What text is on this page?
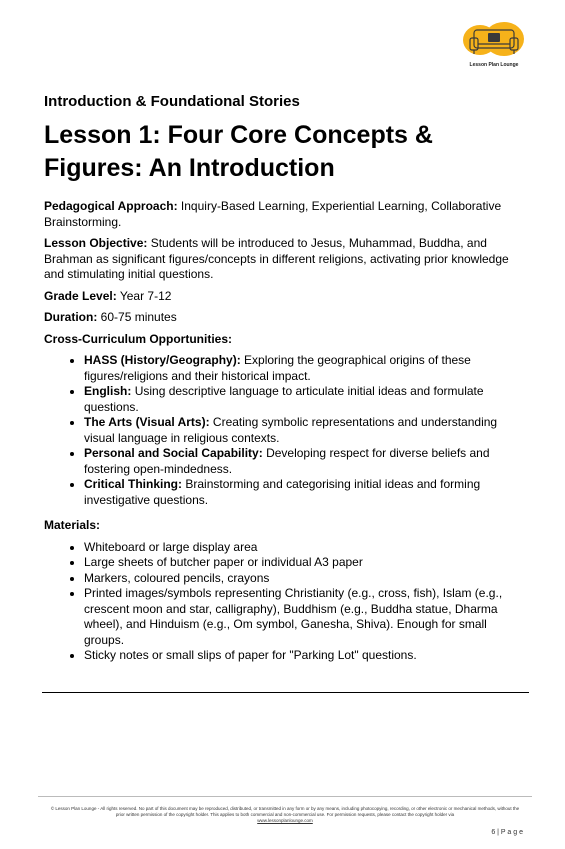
Lesson Plan Lounge
Introduction & Foundational Stories
Lesson 1: Four Core Concepts & Figures: An Introduction

Pedagogical Approach: Inquiry-Based Learning, Experiential Learning, Collaborative Brainstorming.

Lesson Objective: Students will be introduced to Jesus, Muhammad, Buddha, and Brahman as significant figures/concepts in different religions, activating prior knowledge and stimulating initial questions.

Grade Level: Year 7-12

Duration: 60-75 minutes

Cross-Curriculum Opportunities:

• HASS (History/Geography): Exploring the geographical origins of these figures/religions and their historical impact.
• English: Using descriptive language to articulate initial ideas and formulate questions.
• The Arts (Visual Arts): Creating symbolic representations and understanding visual language in religious contexts.
• Personal and Social Capability: Developing respect for diverse beliefs and fostering open-mindedness.
• Critical Thinking: Brainstorming and categorising initial ideas and forming investigative questions.

Materials:

• Whiteboard or large display area
• Large sheets of butcher paper or individual A3 paper
• Markers, coloured pencils, crayons
• Printed images/symbols representing Christianity (e.g., cross, fish), Islam (e.g., crescent moon and star, calligraphy), Buddhism (e.g., Buddha statue, Dharma wheel), and Hinduism (e.g., Om symbol, Ganesha, Shiva). Enough for small groups.
• Sticky notes or small slips of paper for "Parking Lot" questions.
© Lesson Plan Lounge - All rights reserved. No part of this document may be reproduced, distributed, or transmitted in any form or by any means, including photocopying, recording, or other electronic or mechanical methods, without the prior written permission of the copyright holder. This applies to both commercial and non-commercial use. For permission requests, please contact the copyright holder via
www.lessonplanlounge.com
6 | P a g e
